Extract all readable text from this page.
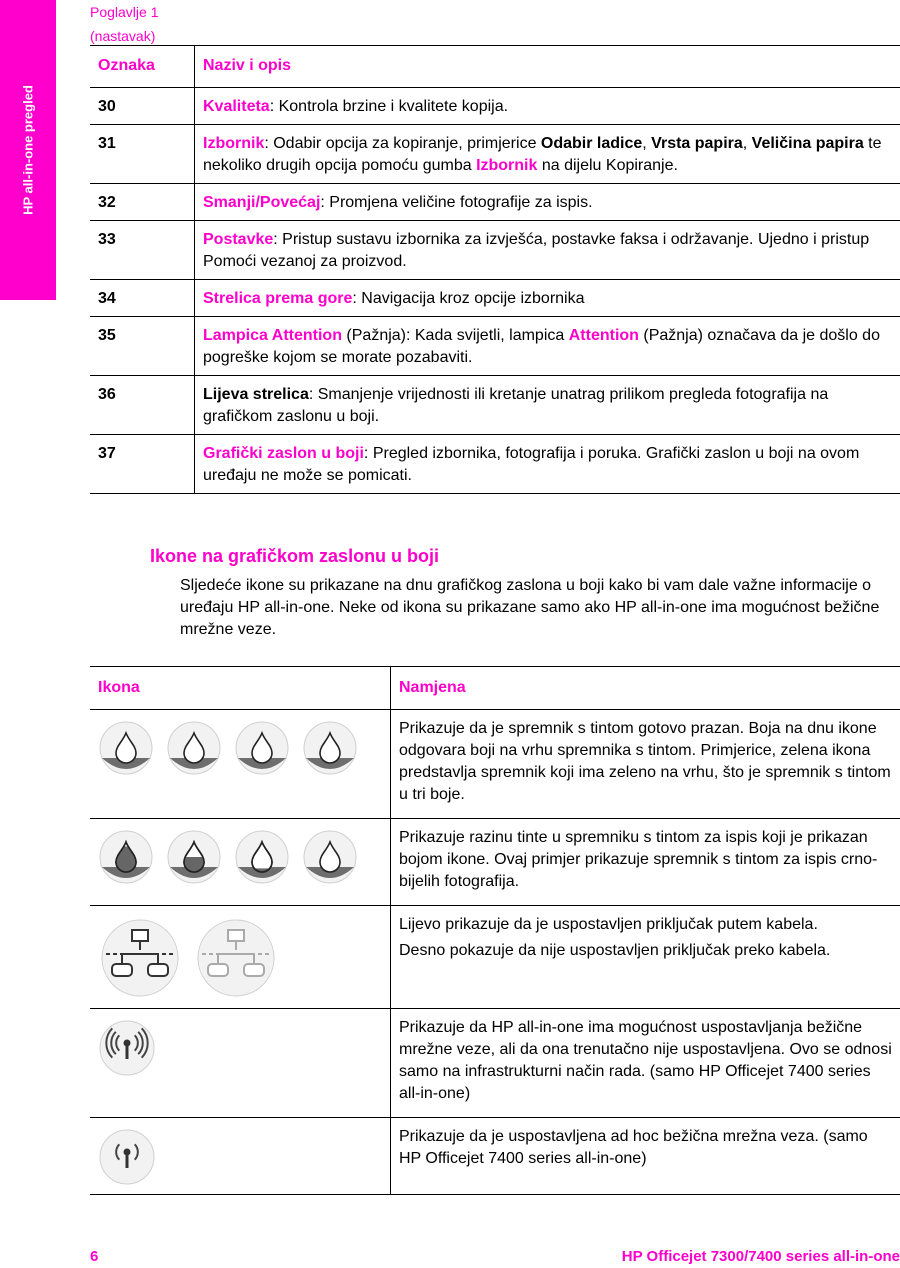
HP all-in-one pregled
Poglavlje 1
(nastavak)
Oznaka	Naziv i opis
30	Kvaliteta: Kontrola brzine i kvalitete kopija.
31	Izbornik: Odabir opcija za kopiranje, primjerice Odabir ladice, Vrsta papira, Veličina papira te nekoliko drugih opcija pomoću gumba Izbornik na dijelu Kopiranje.
32	Smanji/Povećaj: Promjena veličine fotografije za ispis.
33	Postavke: Pristup sustavu izbornika za izvješća, postavke faksa i održavanje. Ujedno i pristup Pomoći vezanoj za proizvod.
34	Strelica prema gore: Navigacija kroz opcije izbornika
35	Lampica Attention (Pažnja): Kada svijetli, lampica Attention (Pažnja) označava da je došlo do pogreške kojom se morate pozabaviti.
36	Lijeva strelica: Smanjenje vrijednosti ili kretanje unatrag prilikom pregleda fotografija na grafičkom zaslonu u boji.
37	Grafički zaslon u boji: Pregled izbornika, fotografija i poruka. Grafički zaslon u boji na ovom uređaju ne može se pomicati.
Ikone na grafičkom zaslonu u boji

Sljedeće ikone su prikazane na dnu grafičkog zaslona u boji kako bi vam dale važne informacije o uređaju HP all-in-one. Neke od ikona su prikazane samo ako HP all-in-one ima mogućnost bežične mrežne veze.

Ikona	Namjena

Prikazuje da je spremnik s tintom gotovo prazan. Boja na dnu ikone odgovara boji na vrhu spremnika s tintom. Primjerice, zelena ikona predstavlja spremnik koji ima zeleno na vrhu, što je spremnik s tintom u tri boje.

Prikazuje razinu tinte u spremniku s tintom za ispis koji je prikazan bojom ikone. Ovaj primjer prikazuje spremnik s tintom za ispis crno-bijelih fotografija.

Lijevo prikazuje da je uspostavljen priključak putem kabela.

Desno pokazuje da nije uspostavljen priključak preko kabela.

Prikazuje da HP all-in-one ima mogućnost uspostavljanja bežične mrežne veze, ali da ona trenutačno nije uspostavljena. Ovo se odnosi samo na infrastrukturni način rada. (samo HP Officejet 7400 series all-in-one)

Prikazuje da je uspostavljena ad hoc bežična mrežna veza. (samo HP Officejet 7400 series all-in-one)

6	HP Officejet 7300/7400 series all-in-one
